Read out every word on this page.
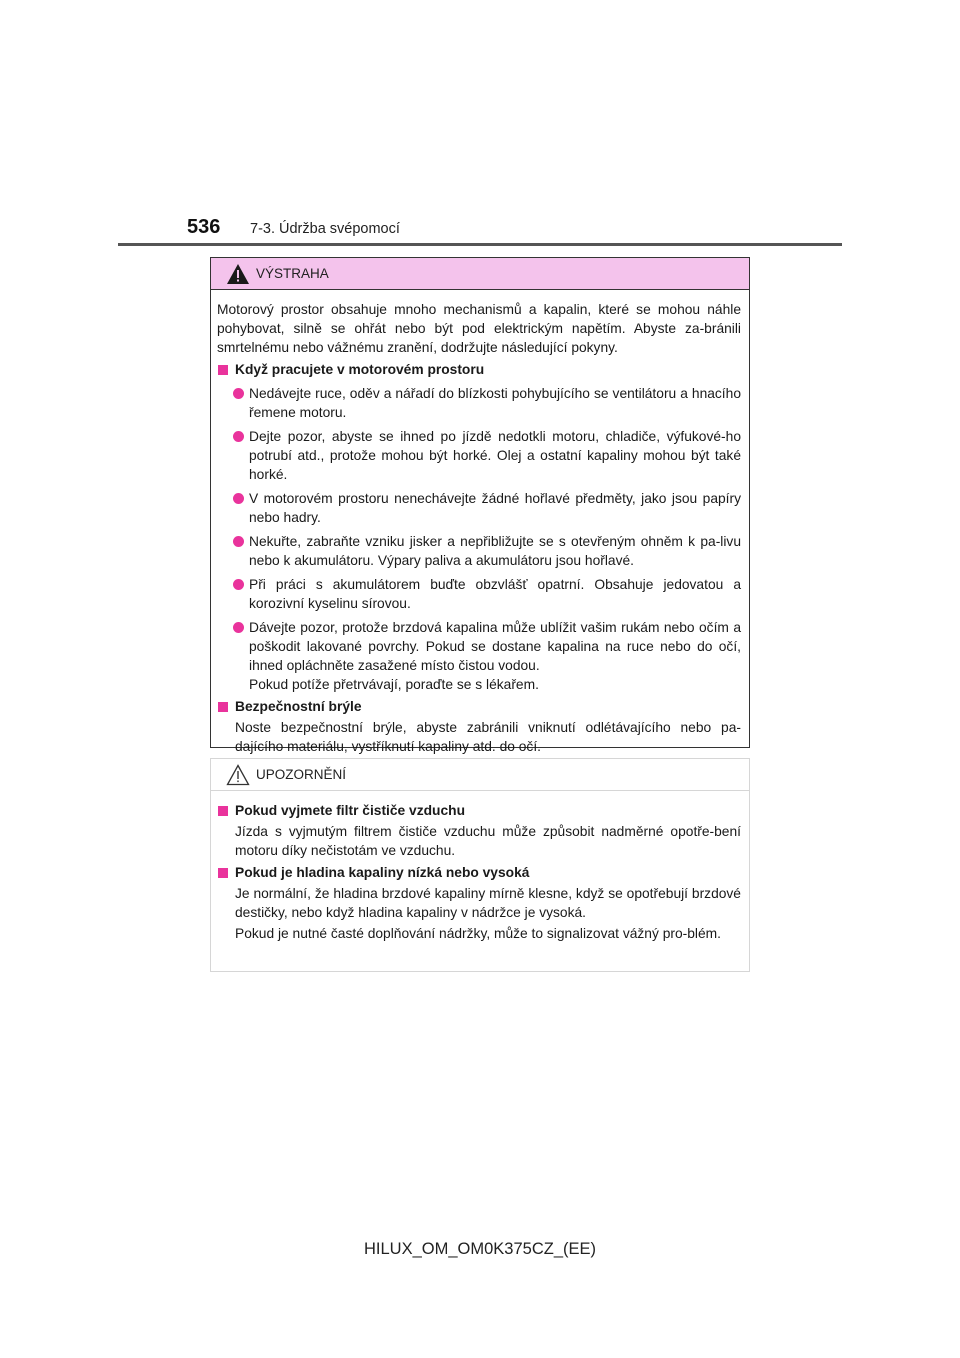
536 7-3. Údržba svépomocí
VÝSTRAHA
Motorový prostor obsahuje mnoho mechanismů a kapalin, které se mohou náhle pohybovat, silně se ohřát nebo být pod elektrickým napětím. Abyste za-bránili smrtelnému nebo vážnému zranění, dodržujte následující pokyny.
Když pracujete v motorovém prostoru
Nedávejte ruce, oděv a nářadí do blízkosti pohybujícího se ventilátoru a hnacího řemene motoru.
Dejte pozor, abyste se ihned po jízdě nedotkli motoru, chladiče, výfukové-ho potrubí atd., protože mohou být horké. Olej a ostatní kapaliny mohou být také horké.
V motorovém prostoru nenechávejte žádné hořlavé předměty, jako jsou papíry nebo hadry.
Nekuřte, zabraňte vzniku jisker a nepřibližujte se s otevřeným ohněm k pa-livu nebo k akumulátoru. Výpary paliva a akumulátoru jsou hořlavé.
Při práci s akumulátorem buďte obzvlášť opatrní. Obsahuje jedovatou a korozivní kyselinu sírovou.
Dávejte pozor, protože brzdová kapalina může ublížit vašim rukám nebo očím a poškodit lakované povrchy. Pokud se dostane kapalina na ruce nebo do očí, ihned opláchněte zasažené místo čistou vodou.
Pokud potíže přetrvávají, poraďte se s lékařem.
Bezpečnostní brýle
Noste bezpečnostní brýle, abyste zabránili vniknutí odlétávajícího nebo pa-dajícího materiálu, vystříknutí kapaliny atd. do očí.
UPOZORNĚNÍ
Pokud vyjmete filtr čističe vzduchu
Jízda s vyjmutým filtrem čističe vzduchu může způsobit nadměrné opotře-bení motoru díky nečistotám ve vzduchu.
Pokud je hladina kapaliny nízká nebo vysoká
Je normální, že hladina brzdové kapaliny mírně klesne, když se opotřebují brzdové destičky, nebo když hladina kapaliny v nádržce je vysoká.
Pokud je nutné časté doplňování nádržky, může to signalizovat vážný pro-blém.
HILUX_OM_OM0K375CZ_(EE)
